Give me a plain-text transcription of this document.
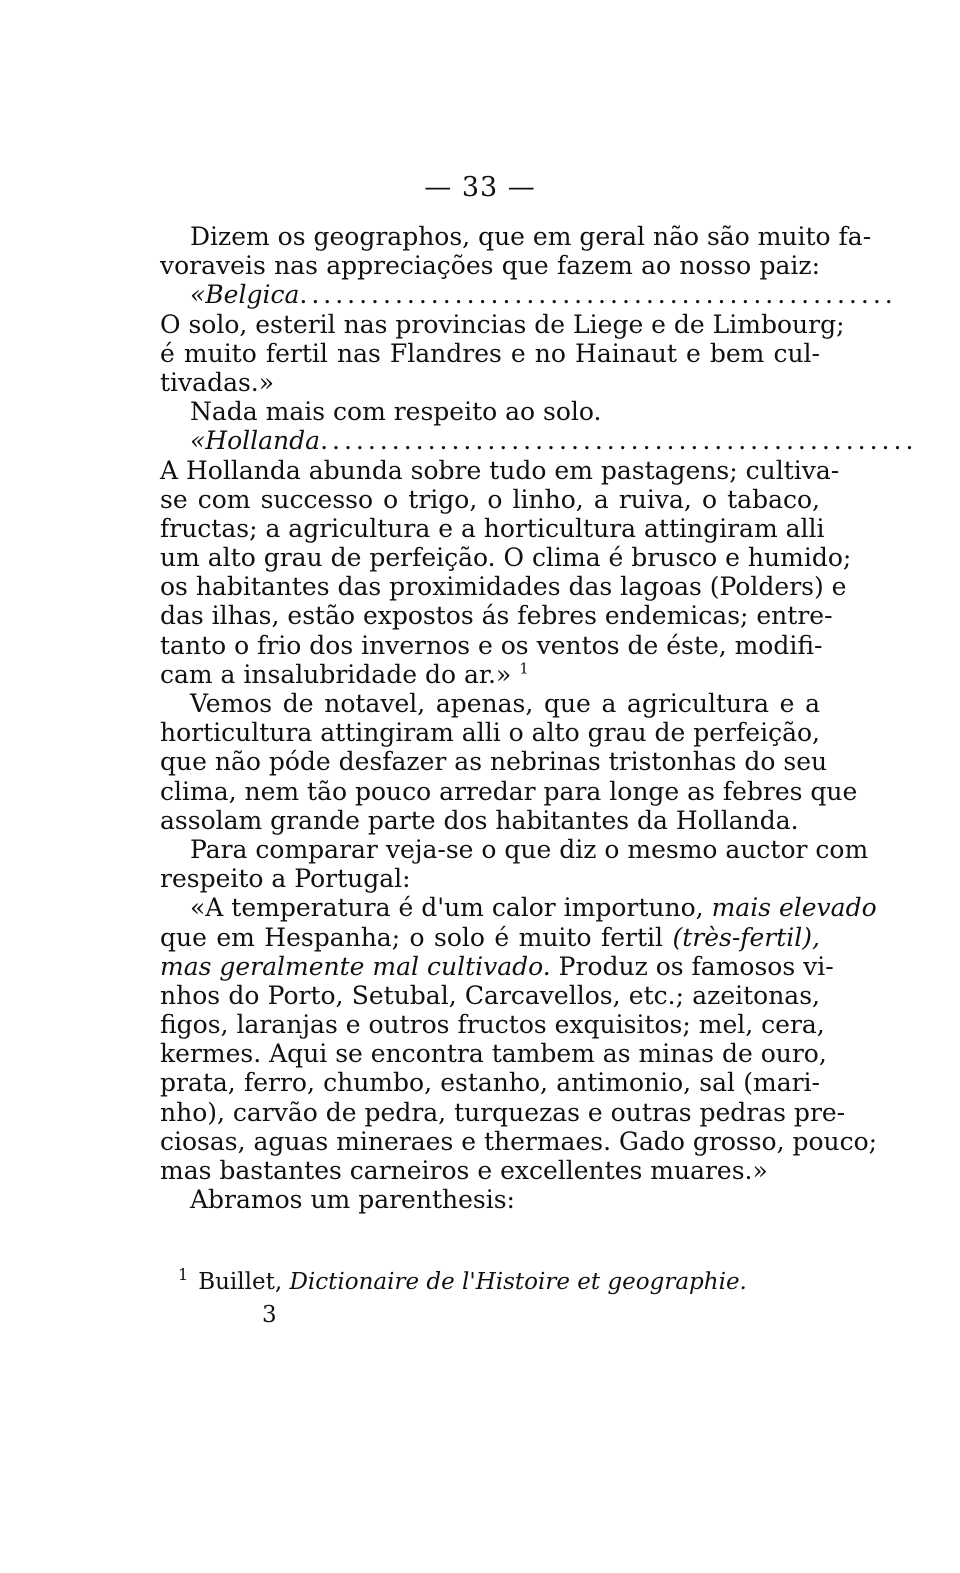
— 33 —
Dizem os geographos, que em geral não são muito fa-
voraveis nas appreciações que fazem ao nosso paiz:
«Belgica ..................................................
O solo, esteril nas provincias de Liege e de Limbourg;
é muito fertil nas Flandres e no Hainaut e bem cul-
tivadas.»
Nada mais com respeito ao solo.
«Hollanda ..................................................
A Hollanda abunda sobre tudo em pastagens; cultiva-
se com successo o trigo, o linho, a ruiva, o tabaco,
fructas; a agricultura e a horticultura attingiram alli
um alto grau de perfeição. O clima é brusco e humido;
os habitantes das proximidades das lagoas (Polders) e
das ilhas, estão expostos ás febres endemicas; entre-
tanto o frio dos invernos e os ventos de éste, modifi-
cam a insalubridade do ar.» $^1$
Vemos de notavel, apenas, que a agricultura e a
horticultura attingiram alli o alto grau de perfeição,
que não póde desfazer as nebrinas tristonhas do seu
clima, nem tão pouco arredar para longe as febres que
assolam grande parte dos habitantes da Hollanda.
Para comparar veja-se o que diz o mesmo auctor com
respeito a Portugal:
«A temperatura é d'um calor importuno, mais elevado
que em Hespanha; o solo é muito fertil (très-fertil),
mas geralmente mal cultivado. Produz os famosos vi-
nhos do Porto, Setubal, Carcavellos, etc.; azeitonas,
figos, laranjas e outros fructos exquisitos; mel, cera,
kermes. Aqui se encontra tambem as minas de ouro,
prata, ferro, chumbo, estanho, antimonio, sal (mari-
nho), carvão de pedra, turquezas e outras pedras pre-
ciosas, aguas mineraes e thermaes. Gado grosso, pouco;
mas bastantes carneiros e excellentes muares.»
Abramos um parenthesis:
$^1$ Buillet, Dictionaire de l'Histoire et geographie.
3
